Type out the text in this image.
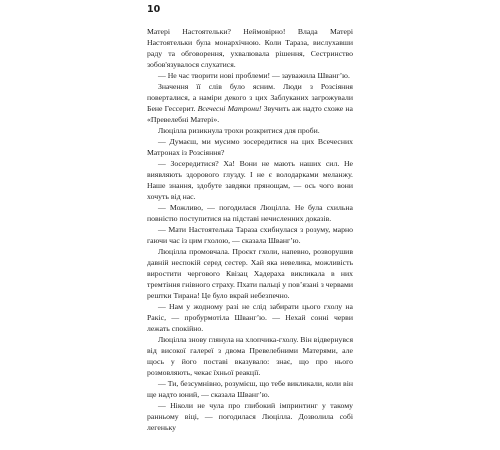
10

Матері Настоятельки? Неймовірно! Влада Матері Настоятельки була монархічною. Коли Тараза, вислухавши раду та обговорення, ухвалювала рішення, Сестринство зобов'язувалося слухатися.

— Не час творити нові проблеми! — зауважила Швангʼю.

Значення її слів було ясним. Люди з Розсіяння поверталися, а наміри декого з цих Заблуканих загрожували Бене Гессерит. Всечесні Матрони! Звучить аж надто схоже на «Превелебні Матері».

Люцілла ризикнула трохи розкритися для проби.

— Думаєш, ми мусимо зосередитися на цих Всечесних Матронах із Розсіяння?

— Зосередитися? Ха! Вони не мають наших сил. Не виявляють здорового глузду. І не є володарками меланжу. Наше знання, здобуте завдяки прянощам, — ось чого вони хочуть від нас.

— Можливо, — погодилася Люцілла. Не була схильна повністю поступитися на підставі нечисленних доказів.

— Мати Настоятелька Тараза схибнулася з розуму, марно гаючи час із цим гхолою, — сказала Швангʼю.

Люцілла промовчала. Проєкт гхоли, напевно, розворушив давній неспокій серед сестер. Хай яка невелика, можливість виростити чергового Квізац Хадераха викликала в них тремтіння гнівного страху. Пхати пальці у повʼязані з червами рештки Тирана! Це було вкрай небезпечно.

— Нам у жодному разі не слід забирати цього гхолу на Ракіс, — пробурмотіла Швангʼю. — Нехай сонні черви лежать спокійно.

Люцілла знову глянула на хлопчика-гхолу. Він відвернувся від високої галереї з двома Превелебними Матерями, але щось у його поставі вказувало: знає, що про нього розмовляють, чекає їхньої реакції.

— Ти, безсумнівно, розумієш, що тебе викликали, коли він ще надто юний, — сказала Швангʼю.

— Ніколи не чула про глибокий імпринтинг у такому ранньому віці, — погодилася Люцілла. Дозволила собі легеньку
